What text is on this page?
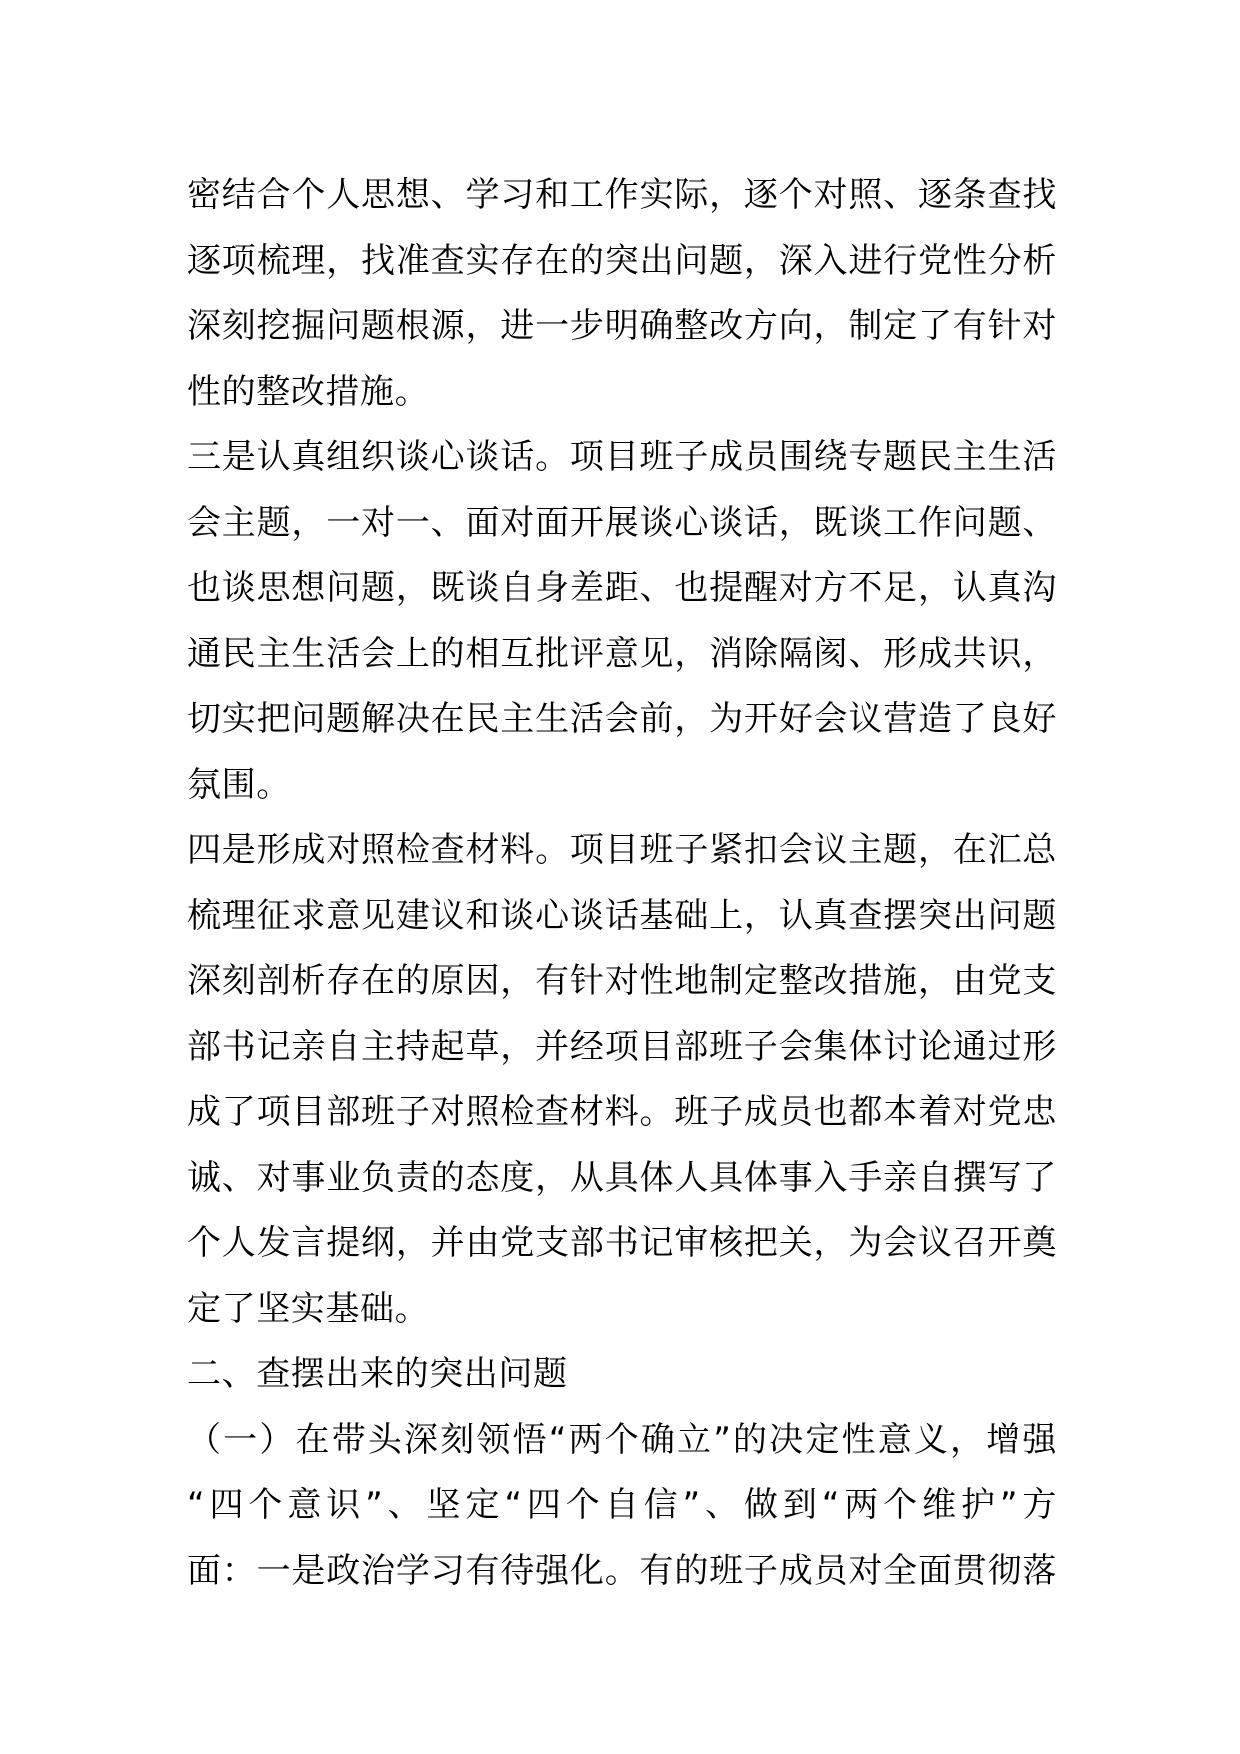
密结合个人思想、学习和工作实际，逐个对照、逐条查找
逐项梳理，找准查实存在的突出问题，深入进行党性分析
深刻挖掘问题根源，进一步明确整改方向，制定了有针对
性的整改措施。
三是认真组织谈心谈话。项目班子成员围绕专题民主生活
会主题，一对一、面对面开展谈心谈话，既谈工作问题、
也谈思想问题，既谈自身差距、也提醒对方不足，认真沟
通民主生活会上的相互批评意见，消除隔阂、形成共识，
切实把问题解决在民主生活会前，为开好会议营造了良好
氛围。
四是形成对照检查材料。项目班子紧扣会议主题，在汇总
梳理征求意见建议和谈心谈话基础上，认真查摆突出问题
深刻剖析存在的原因，有针对性地制定整改措施，由党支
部书记亲自主持起草，并经项目部班子会集体讨论通过形
成了项目部班子对照检查材料。班子成员也都本着对党忠
诚、对事业负责的态度，从具体人具体事入手亲自撰写了
个人发言提纲，并由党支部书记审核把关，为会议召开奠
定了坚实基础。
二、查摆出来的突出问题
（一）在带头深刻领悟“两个确立”的决定性意义，增强
“四个意识”、坚定“四个自信”、做到“两个维护”方
面：一是政治学习有待强化。有的班子成员对全面贯彻落
